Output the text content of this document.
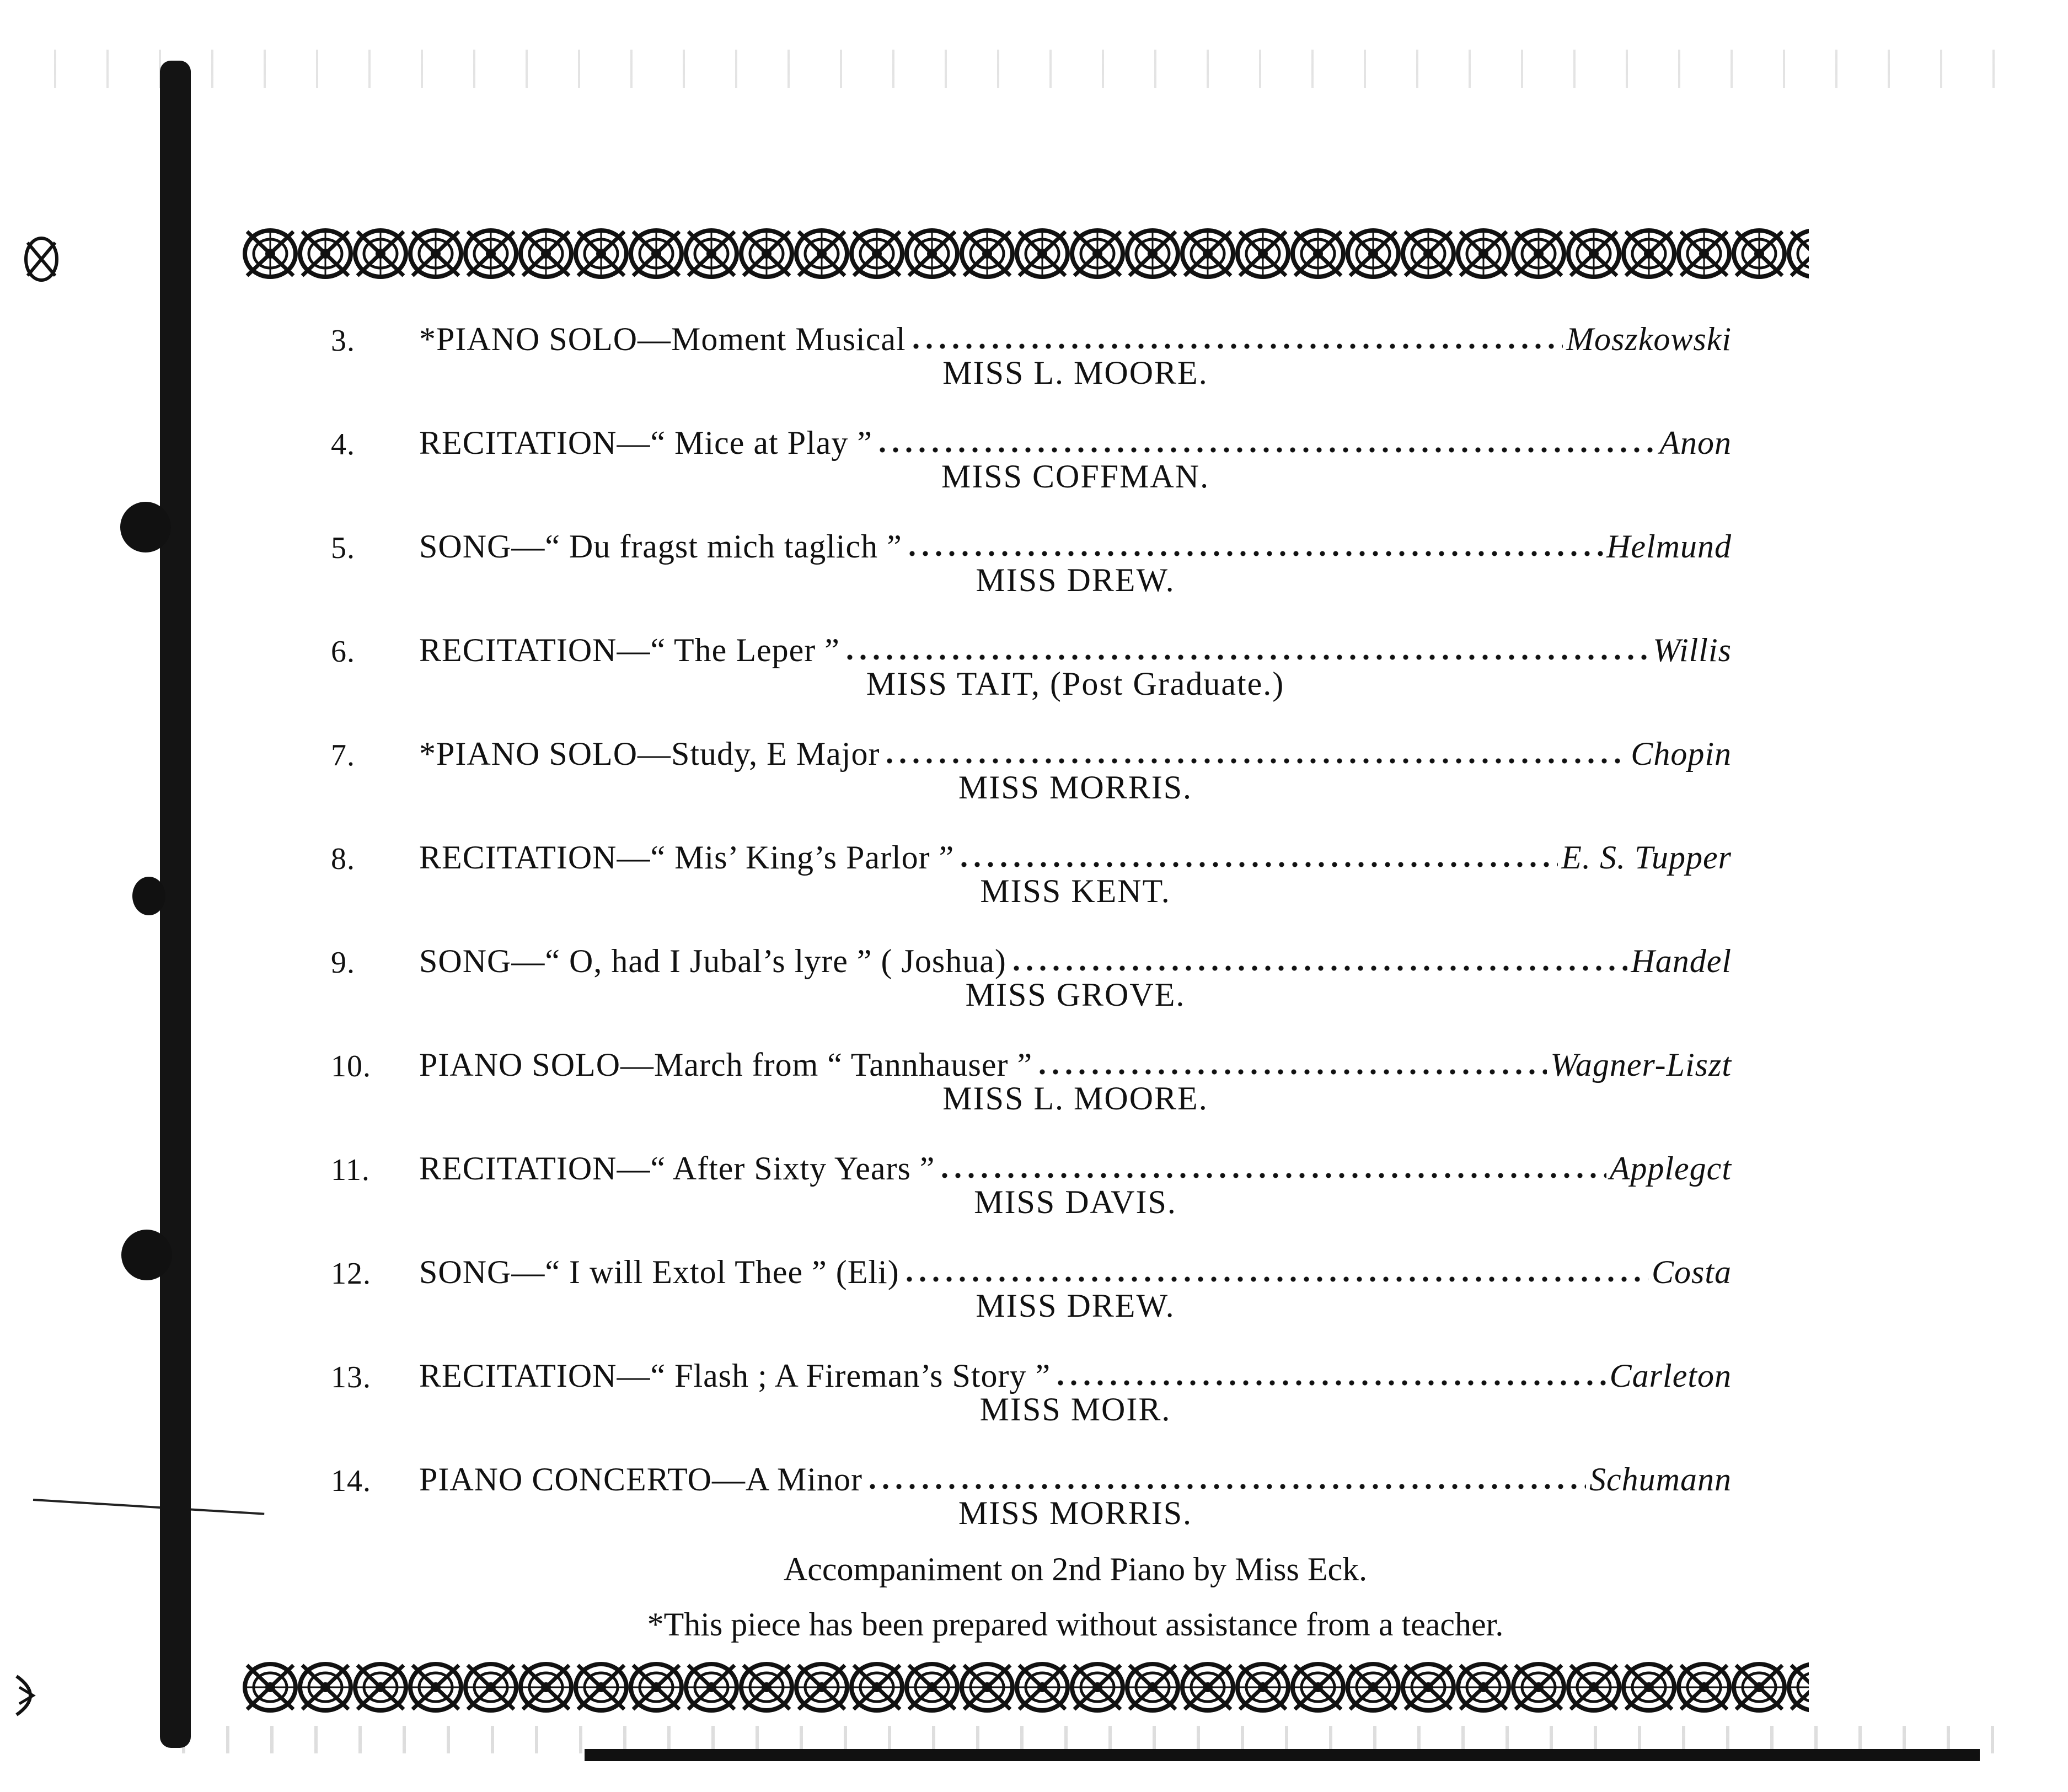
3.	*PIANO SOLO—Moment Musical	Moszkowski
MISS L. MOORE.
4.	RECITATION—“ Mice at Play ”	Anon
MISS COFFMAN.
5.	SONG—“ Du fragst mich taglich ”	Helmund
MISS DREW.
6.	RECITATION—“ The Leper ”	Willis
MISS TAIT, (Post Graduate.)
7.	*PIANO SOLO—Study, E Major	Chopin
MISS MORRIS.
8.	RECITATION—“ Mis’ King’s Parlor ”	E. S. Tupper
MISS KENT.
9.	SONG—“ O, had I Jubal’s lyre ” ( Joshua)	Handel
MISS GROVE.
10.	PIANO SOLO—March from “ Tannhauser ”	Wagner-Liszt
MISS L. MOORE.
11.	RECITATION—“ After Sixty Years ”	Applegct
MISS DAVIS.
12.	SONG—“ I will Extol Thee ” (Eli)	Costa
MISS DREW.
13.	RECITATION—“ Flash ; A Fireman’s Story ”	Carleton
MISS MOIR.
14.	PIANO CONCERTO—A Minor	Schumann
MISS MORRIS.
Accompaniment on 2nd Piano by Miss Eck.
*This piece has been prepared without assistance from a teacher.
